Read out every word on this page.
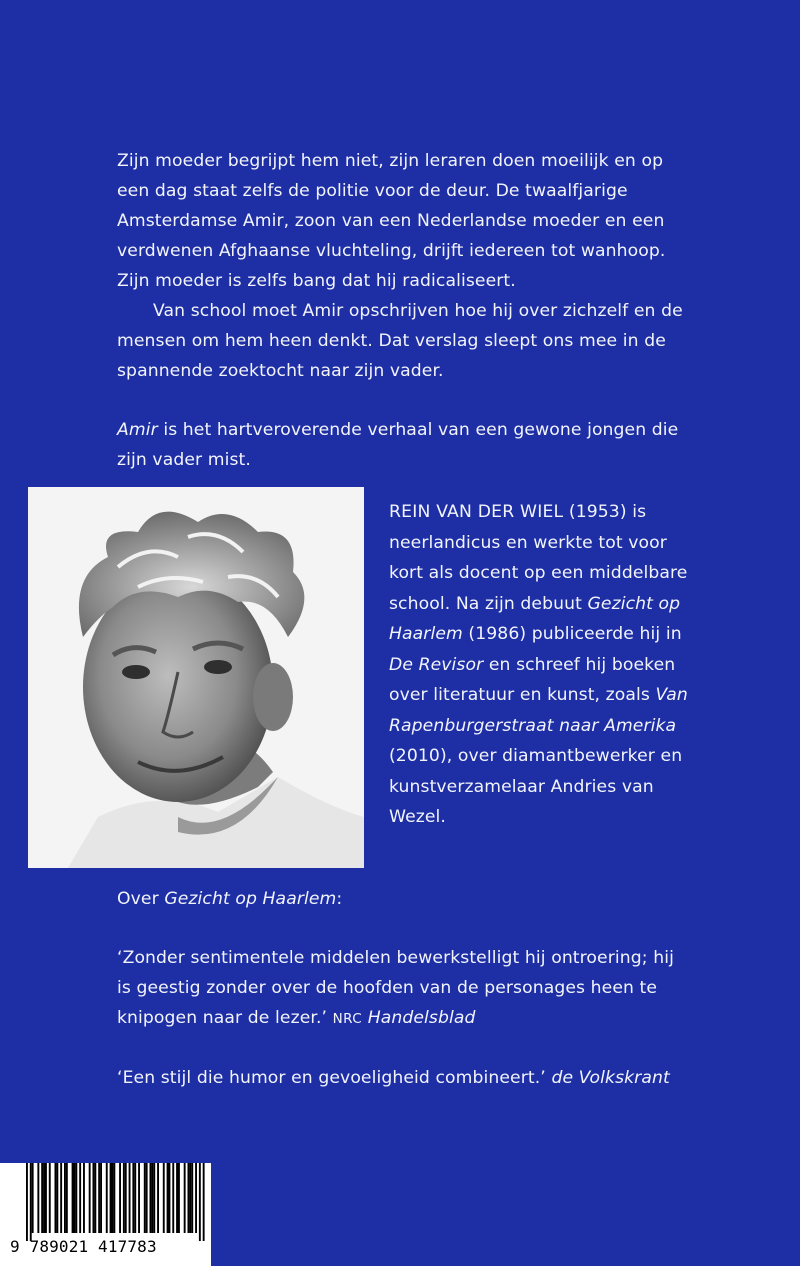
Zijn moeder begrijpt hem niet, zijn leraren doen moeilijk en op een dag staat zelfs de politie voor de deur. De twaalfjarige Amsterdamse Amir, zoon van een Nederlandse moeder en een verdwenen Afghaanse vluchteling, drijft iedereen tot wanhoop. Zijn moeder is zelfs bang dat hij radicaliseert.

Van school moet Amir opschrijven hoe hij over zichzelf en de mensen om hem heen denkt. Dat verslag sleept ons mee in de spannende zoektocht naar zijn vader.

Amir is het hartveroverende verhaal van een gewone jongen die zijn vader mist.

REIN VAN DER WIEL (1953) is neerlandicus en werkte tot voor kort als docent op een middelbare school. Na zijn debuut Gezicht op Haarlem (1986) publiceerde hij in De Revisor en schreef hij boeken over literatuur en kunst, zoals Van Rapenburgerstraat naar Amerika (2010), over diamantbewerker en kunstverzamelaar Andries van Wezel.

Over Gezicht op Haarlem:

‘Zonder sentimentele middelen bewerkstelligt hij ontroering; hij is geestig zonder over de hoofden van de personages heen te knipogen naar de lezer.’ NRC Handelsblad

‘Een stijl die humor en gevoeligheid combineert.’ de Volkskrant

9 789021 417783
